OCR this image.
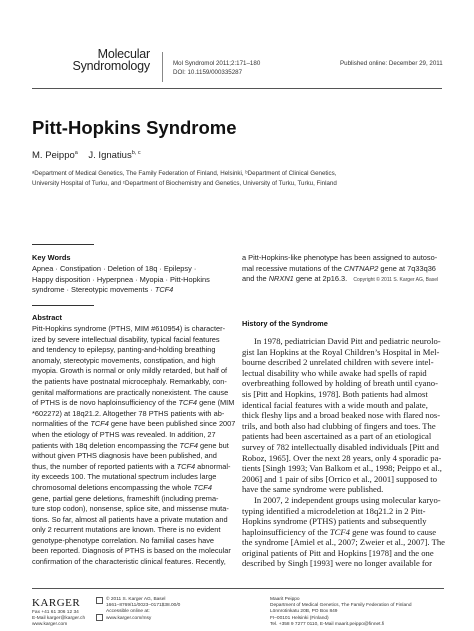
Molecular
Syndromology	Mol Syndromol 2011;2:171–180
DOI: 10.1159/000335287
Published online: December 29, 2011
Pitt-Hopkins Syndrome
M. Peippo$^a$ J. Ignatius$^{b, c}$

ᵃDepartment of Medical Genetics, The Family Federation of Finland, Helsinki, ᵇDepartment of Clinical Genetics,

University Hospital of Turku, and ᶜDepartment of Biochemistry and Genetics, University of Turku, Turku, Finland

Key Words

Apnea · Constipation · Deletion of 18q · Epilepsy ·

Happy disposition · Hyperpnea · Myopia · Pitt-Hopkins

syndrome · Stereotypic movements · TCF4

a Pitt-Hopkins-like phenotype has been assigned to autoso-

mal recessive mutations of the CNTNAP2 gene at 7q33q36

and the NRXN1 gene at 2p16.3. Copyright © 2011 S. Karger AG, Basel

Abstract

Pitt-Hopkins syndrome (PTHS, MIM #610954) is character-

ized by severe intellectual disability, typical facial features

and tendency to epilepsy, panting-and-holding breathing

anomaly, stereotypic movements, constipation, and high

myopia. Growth is normal or only mildly retarded, but half of

the patients have postnatal microcephaly. Remarkably, con-

genital malformations are practically nonexistent. The cause

of PTHS is de novo haploinsufficiency of the TCF4 gene (MIM

*602272) at 18q21.2. Altogether 78 PTHS patients with ab-

normalities of the TCF4 gene have been published since 2007

when the etiology of PTHS was revealed. In addition, 27

patients with 18q deletion encompassing the TCF4 gene but

without given PTHS diagnosis have been published, and

thus, the number of reported patients with a TCF4 abnormal-

ity exceeds 100. The mutational spectrum includes large

chromosomal deletions encompassing the whole TCF4

gene, partial gene deletions, frameshift (including prema-

ture stop codon), nonsense, splice site, and missense muta-

tions. So far, almost all patients have a private mutation and

only 2 recurrent mutations are known. There is no evident

genotype-phenotype correlation. No familial cases have

been reported. Diagnosis of PTHS is based on the molecular

confirmation of the characteristic clinical features. Recently,

History of the Syndrome

In 1978, pediatrician David Pitt and pediatric neurolo-

gist Ian Hopkins at the Royal Children’s Hospital in Mel-

bourne described 2 unrelated children with severe intel-

lectual disability who while awake had spells of rapid

overbreathing followed by holding of breath until cyano-

sis [Pitt and Hopkins, 1978]. Both patients had almost

identical facial features with a wide mouth and palate,

thick fleshy lips and a broad beaked nose with flared nos-

trils, and both also had clubbing of fingers and toes. The

patients had been ascertained as a part of an etiological

survey of 782 intellectually disabled individuals [Pitt and

Roboz, 1965]. Over the next 28 years, only 4 sporadic pa-

tients [Singh 1993; Van Balkom et al., 1998; Peippo et al.,

2006] and 1 pair of sibs [Orrico et al., 2001] supposed to

have the same syndrome were published.

In 2007, 2 independent groups using molecular karyo-

typing identified a microdeletion at 18q21.2 in 2 Pitt-

Hopkins syndrome (PTHS) patients and subsequently

haploinsufficiency of the TCF4 gene was found to cause

the syndrome [Amiel et al., 2007; Zweier et al., 2007]. The

original patients of Pitt and Hopkins [1978] and the one

described by Singh [1993] were no longer available for

KARGER

Fax +41 61 306 12 34

E-Mail karger@karger.ch

www.karger.com

© 2011 S. Karger AG, Basel

1661–8769/11/0023–0171$38.00/0

Accessible online at:

www.karger.com/msy

Maarit Peippo

Department of Medical Genetics, The Family Federation of Finland

Lönnrotinkatu 20B, PO Box 849

FI–00101 Helsinki (Finland)

Tel. +358 9 7277 0110, E-Mail maarit.peippo@finnet.fi
